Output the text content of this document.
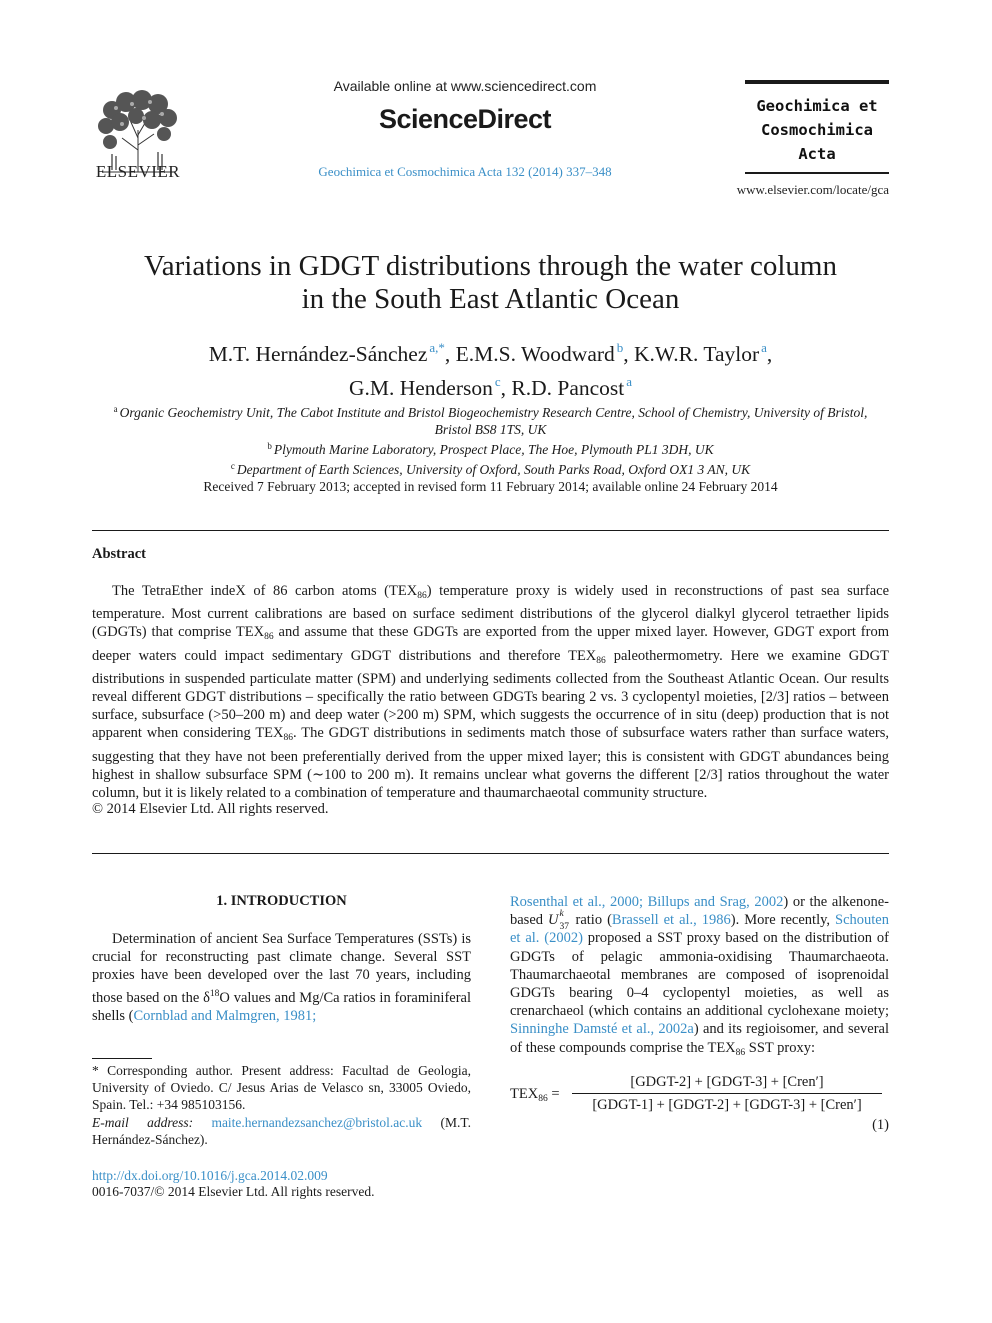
ELSEVIER
Available online at www.sciencedirect.com
ScienceDirect
Geochimica et Cosmochimica Acta 132 (2014) 337–348
Geochimica et
Cosmochimica
Acta
www.elsevier.com/locate/gca
Variations in GDGT distributions through the water column
in the South East Atlantic Ocean
M.T. Hernández-Sánchez $^{a,*}$, E.M.S. Woodward $^b$, K.W.R. Taylor $^a$,
G.M. Henderson $^c$, R.D. Pancost $^a$
$^a$ Organic Geochemistry Unit, The Cabot Institute and Bristol Biogeochemistry Research Centre, School of Chemistry, University of Bristol,
Bristol BS8 1TS, UK
$^b$ Plymouth Marine Laboratory, Prospect Place, The Hoe, Plymouth PL1 3DH, UK
$^c$ Department of Earth Sciences, University of Oxford, South Parks Road, Oxford OX1 3 AN, UK
Received 7 February 2013; accepted in revised form 11 February 2014; available online 24 February 2014
Abstract

The TetraEther indeX of 86 carbon atoms $(TEX_{86})$ temperature proxy is widely used in reconstructions of past sea surface temperature. Most current calibrations are based on surface sediment distributions of the glycerol dialkyl glycerol tetraether lipids (GDGTs) that comprise $TEX_{86}$ and assume that these GDGTs are exported from the upper mixed layer. However, GDGT export from deeper waters could impact sedimentary GDGT distributions and therefore $TEX_{86}$ paleothermometry. Here we examine GDGT distributions in suspended particulate matter (SPM) and underlying sediments collected from the Southeast Atlantic Ocean. Our results reveal different GDGT distributions – specifically the ratio between GDGTs bearing 2 vs. 3 cyclopentyl moieties, [2/3] ratios – between surface, subsurface (>50–200 m) and deep water (>200 m) SPM, which suggests the occurrence of in situ (deep) production that is not apparent when considering $TEX_{86}$. The GDGT distributions in sediments match those of subsurface waters rather than surface waters, suggesting that they have not been preferentially derived from the upper mixed layer; this is consistent with GDGT abundances being highest in shallow subsurface SPM (∼100 to 200 m). It remains unclear what governs the different [2/3] ratios throughout the water column, but it is likely related to a combination of temperature and thaumarchaeotal community structure.

© 2014 Elsevier Ltd. All rights reserved.
1. INTRODUCTION

Determination of ancient Sea Surface Temperatures (SSTs) is crucial for reconstructing past climate change. Several SST proxies have been developed over the last 70 years, including those based on the $\delta^{18}O$ values and Mg/Ca ratios in foraminiferal shells (Cornblad and Malmgren, 1981;

* Corresponding author. Present address: Facultad de Geologia, University of Oviedo. C/ Jesus Arias de Velasco sn, 33005 Oviedo, Spain. Tel.: +34 985103156.

E-mail address: maite.hernandezsanchez@bristol.ac.uk (M.T. Hernández-Sánchez).

http://dx.doi.org/10.1016/j.gca.2014.02.009
0016-7037/© 2014 Elsevier Ltd. All rights reserved.

Rosenthal et al., 2000; Billups and Srag, 2002) or the alkenone-based U k
37 ratio (Brassell et al., 1986). More recently, Schouten et al. (2002) proposed a SST proxy based on the distribution of GDGTs of pelagic ammonia-oxidising Thaumarchaeota. Thaumarchaeotal membranes are composed of isoprenoidal GDGTs bearing 0–4 cyclopentyl moieties, as well as crenarchaeol (which contains an additional cyclohexane moiety; Sinninghe Damsté et al., 2002a) and its regioisomer, and several of these compounds comprise the $TEX_{86}$ SST proxy:

$TEX_{86}$ =
[GDGT-2] + [GDGT-3] + [Cren′]
[GDGT-1] + [GDGT-2] + [GDGT-3] + [Cren′]
(1)
